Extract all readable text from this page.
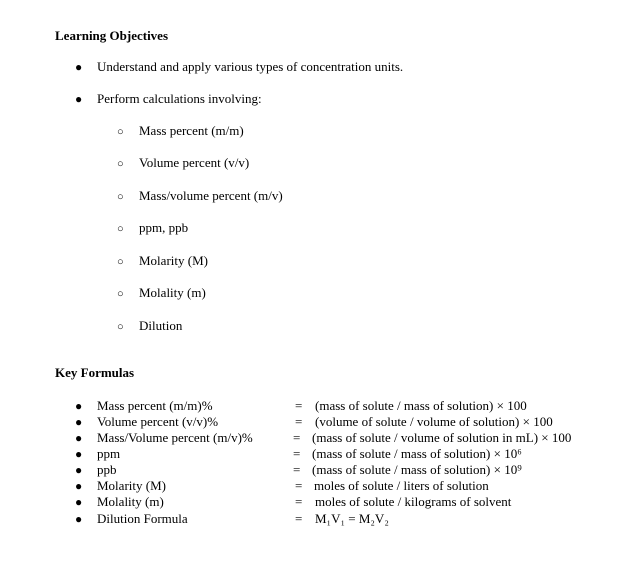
Learning Objectives
● Understand and apply various types of concentration units.
● Perform calculations involving:
○ Mass percent (m/m)
○ Volume percent (v/v)
○ Mass/volume percent (m/v)
○ ppm, ppb
○ Molarity (M)
○ Molality (m)
○ Dilution
Key Formulas
● Mass percent (m/m)%	= (mass of solute / mass of solution) × 100
● Volume percent (v/v)%	= (volume of solute / volume of solution) × 100
● Mass/Volume percent (m/v)%	= (mass of solute / volume of solution in mL) × 100
● ppm	= (mass of solute / mass of solution) × 10⁶
● ppb	= (mass of solute / mass of solution) × 10⁹
● Molarity (M)	= moles of solute / liters of solution
● Molality (m)	= moles of solute / kilograms of solvent
● Dilution Formula	= M₁V₁ = M₂V₂
